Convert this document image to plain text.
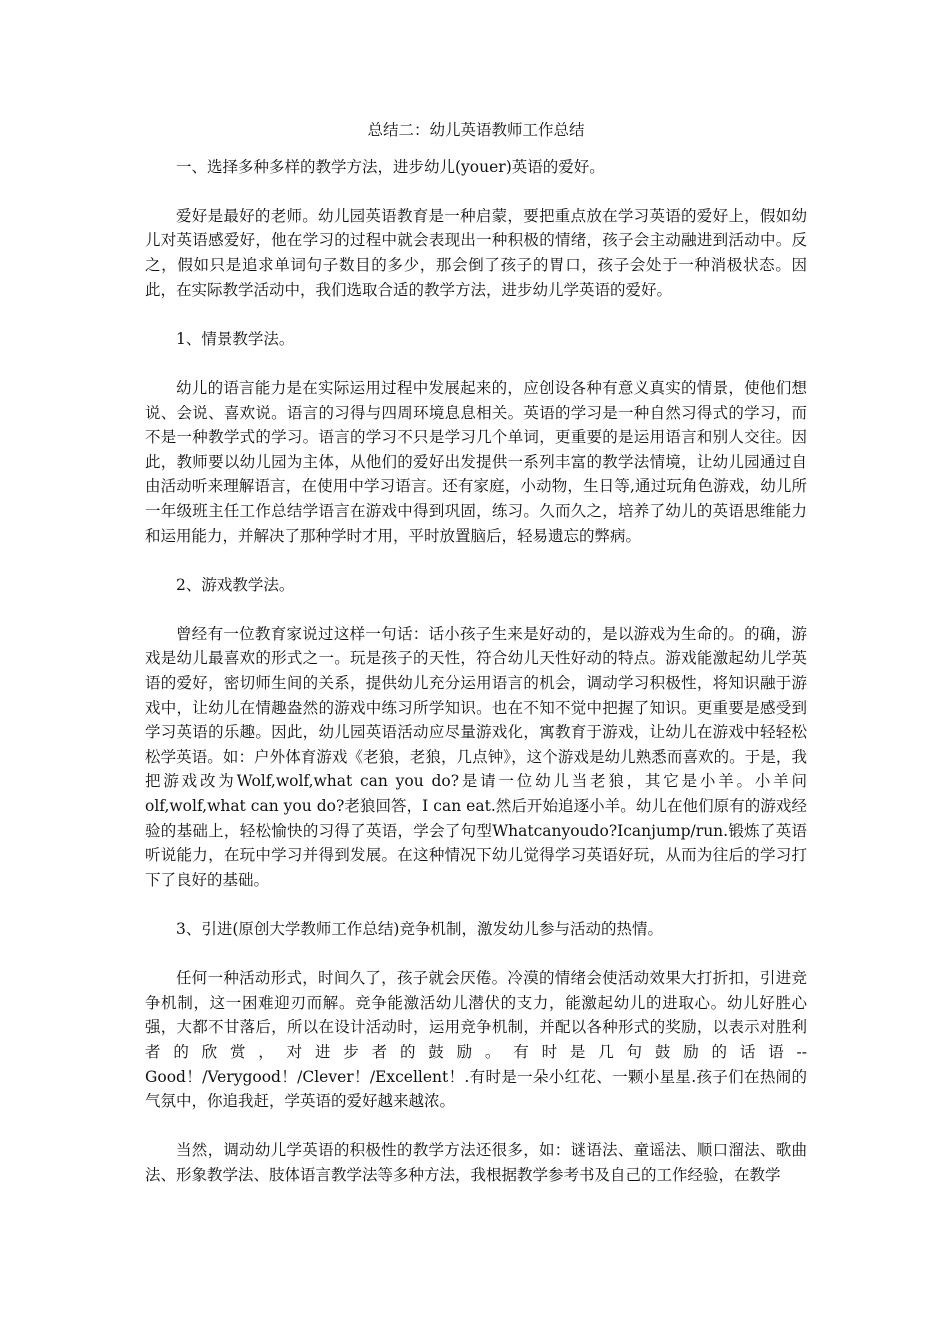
总结二：幼儿英语教师工作总结

一、选择多种多样的教学方法，进步幼儿(youer)英语的爱好。

爱好是最好的老师。幼儿园英语教育是一种启蒙，要把重点放在学习英语的爱好上，假如幼儿对英语感爱好，他在学习的过程中就会表现出一种积极的情绪，孩子会主动融进到活动中。反之，假如只是追求单词句子数目的多少，那会倒了孩子的胃口，孩子会处于一种消极状态。因此，在实际教学活动中，我们选取合适的教学方法，进步幼儿学英语的爱好。

1、情景教学法。

幼儿的语言能力是在实际运用过程中发展起来的，应创设各种有意义真实的情景，使他们想说、会说、喜欢说。语言的习得与四周环境息息相关。英语的学习是一种自然习得式的学习，而不是一种教学式的学习。语言的学习不只是学习几个单词，更重要的是运用语言和别人交往。因此，教师要以幼儿园为主体，从他们的爱好出发提供一系列丰富的教学法情境，让幼儿园通过自由活动听来理解语言，在使用中学习语言。还有家庭，小动物，生日等,通过玩角色游戏，幼儿所一年级班主任工作总结学语言在游戏中得到巩固，练习。久而久之，培养了幼儿的英语思维能力和运用能力，并解决了那种学时才用，平时放置脑后，轻易遗忘的弊病。

2、游戏教学法。

曾经有一位教育家说过这样一句话：话小孩子生来是好动的，是以游戏为生命的。的确，游戏是幼儿最喜欢的形式之一。玩是孩子的天性，符合幼儿天性好动的特点。游戏能激起幼儿学英语的爱好，密切师生间的关系，提供幼儿充分运用语言的机会，调动学习积极性，将知识融于游戏中，让幼儿在情趣盎然的游戏中练习所学知识。也在不知不觉中把握了知识。更重要是感受到学习英语的乐趣。因此，幼儿园英语活动应尽量游戏化，寓教育于游戏，让幼儿在游戏中轻轻松松学英语。如：户外体育游戏《老狼，老狼，几点钟》，这个游戏是幼儿熟悉而喜欢的。于是，我把游戏改为Wolf,wolf,what can you do?是请一位幼儿当老狼，其它是小羊。小羊问 olf,wolf,what can you do?老狼回答，I can eat.然后开始追逐小羊。幼儿在他们原有的游戏经验的基础上，轻松愉快的习得了英语，学会了句型Whatcanyoudo?Icanjump/run.锻炼了英语听说能力，在玩中学习并得到发展。在这种情况下幼儿觉得学习英语好玩，从而为往后的学习打下了良好的基础。

3、引进(原创大学教师工作总结)竞争机制，激发幼儿参与活动的热情。

任何一种活动形式，时间久了，孩子就会厌倦。冷漠的情绪会使活动效果大打折扣，引进竞争机制，这一困难迎刃而解。竞争能激活幼儿潜伏的支力，能激起幼儿的进取心。幼儿好胜心强，大都不甘落后，所以在设计活动时，运用竞争机制，并配以各种形式的奖励，以表示对胜利者的欣赏，对进步者的鼓励。有时是几句鼓励的话语--Good！/Verygood！/Clever！/Excellent！.有时是一朵小红花、一颗小星星.孩子们在热闹的气氛中，你追我赶，学英语的爱好越来越浓。

当然，调动幼儿学英语的积极性的教学方法还很多，如：谜语法、童谣法、顺口溜法、歌曲法、形象教学法、肢体语言教学法等多种方法，我根据教学参考书及自己的工作经验，在教学
